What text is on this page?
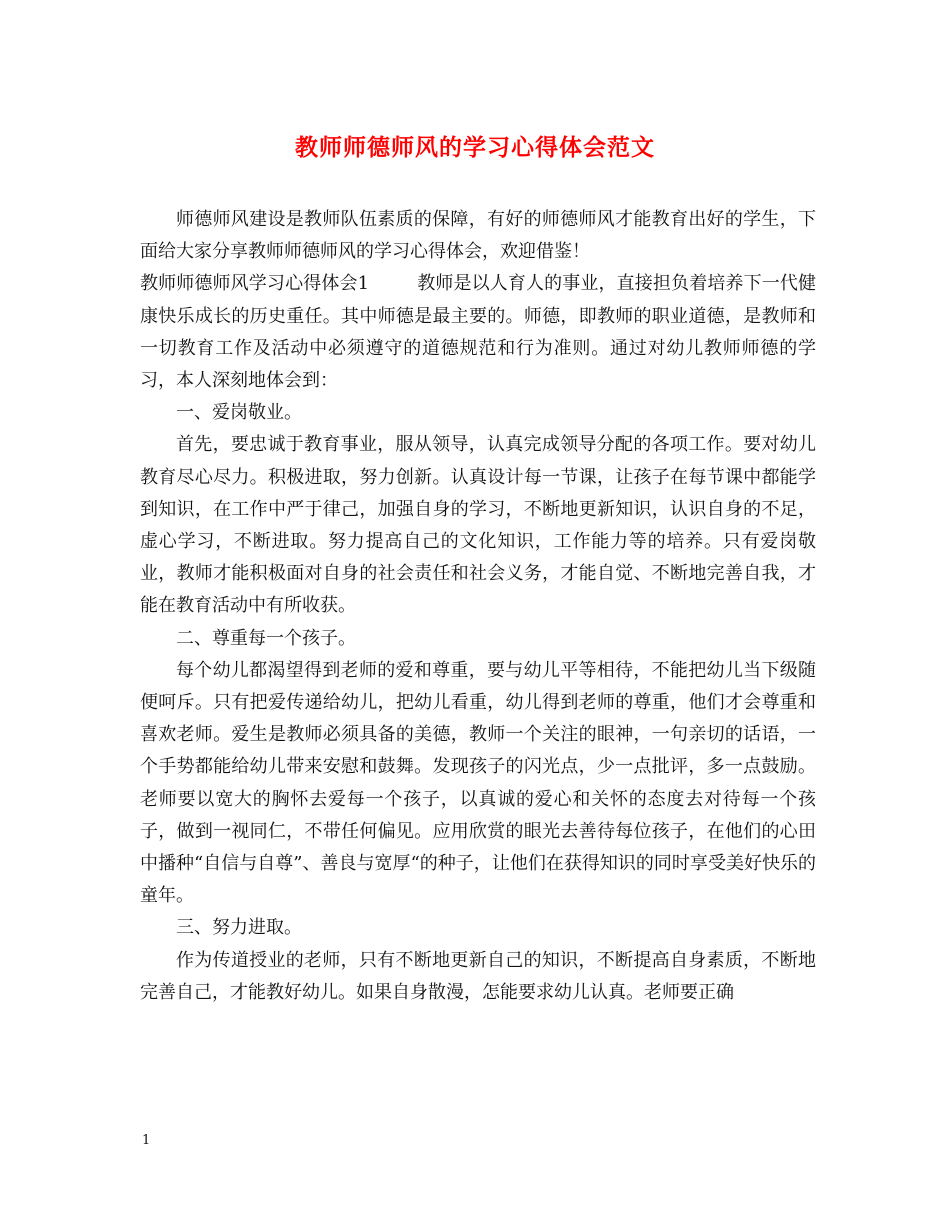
教师师德师风的学习心得体会范文

师德师风建设是教师队伍素质的保障，有好的师德师风才能教育出好的学生，下面给大家分享教师师德师风的学习心得体会，欢迎借鉴！

教师师德师风学习心得体会1	教师是以人育人的事业，直接担负着培养下一代健康快乐成长的历史重任。其中师德是最主要的。师德，即教师的职业道德，是教师和一切教育工作及活动中必须遵守的道德规范和行为准则。通过对幼儿教师师德的学习，本人深刻地体会到：

一、爱岗敬业。

首先，要忠诚于教育事业，服从领导，认真完成领导分配的各项工作。要对幼儿教育尽心尽力。积极进取，努力创新。认真设计每一节课，让孩子在每节课中都能学到知识，在工作中严于律己，加强自身的学习，不断地更新知识，认识自身的不足，虚心学习，不断进取。努力提高自己的文化知识，工作能力等的培养。只有爱岗敬业，教师才能积极面对自身的社会责任和社会义务，才能自觉、不断地完善自我，才能在教育活动中有所收获。

二、尊重每一个孩子。

每个幼儿都渴望得到老师的爱和尊重，要与幼儿平等相待，不能把幼儿当下级随便呵斥。只有把爱传递给幼儿，把幼儿看重，幼儿得到老师的尊重，他们才会尊重和喜欢老师。爱生是教师必须具备的美德，教师一个关注的眼神，一句亲切的话语，一个手势都能给幼儿带来安慰和鼓舞。发现孩子的闪光点，少一点批评，多一点鼓励。老师要以宽大的胸怀去爱每一个孩子，以真诚的爱心和关怀的态度去对待每一个孩子，做到一视同仁，不带任何偏见。应用欣赏的眼光去善待每位孩子，在他们的心田中播种“自信与自尊”、善良与宽厚“的种子，让他们在获得知识的同时享受美好快乐的童年。

三、努力进取。

作为传道授业的老师，只有不断地更新自己的知识，不断提高自身素质，不断地完善自己，才能教好幼儿。如果自身散漫，怎能要求幼儿认真。老师要正确

1
